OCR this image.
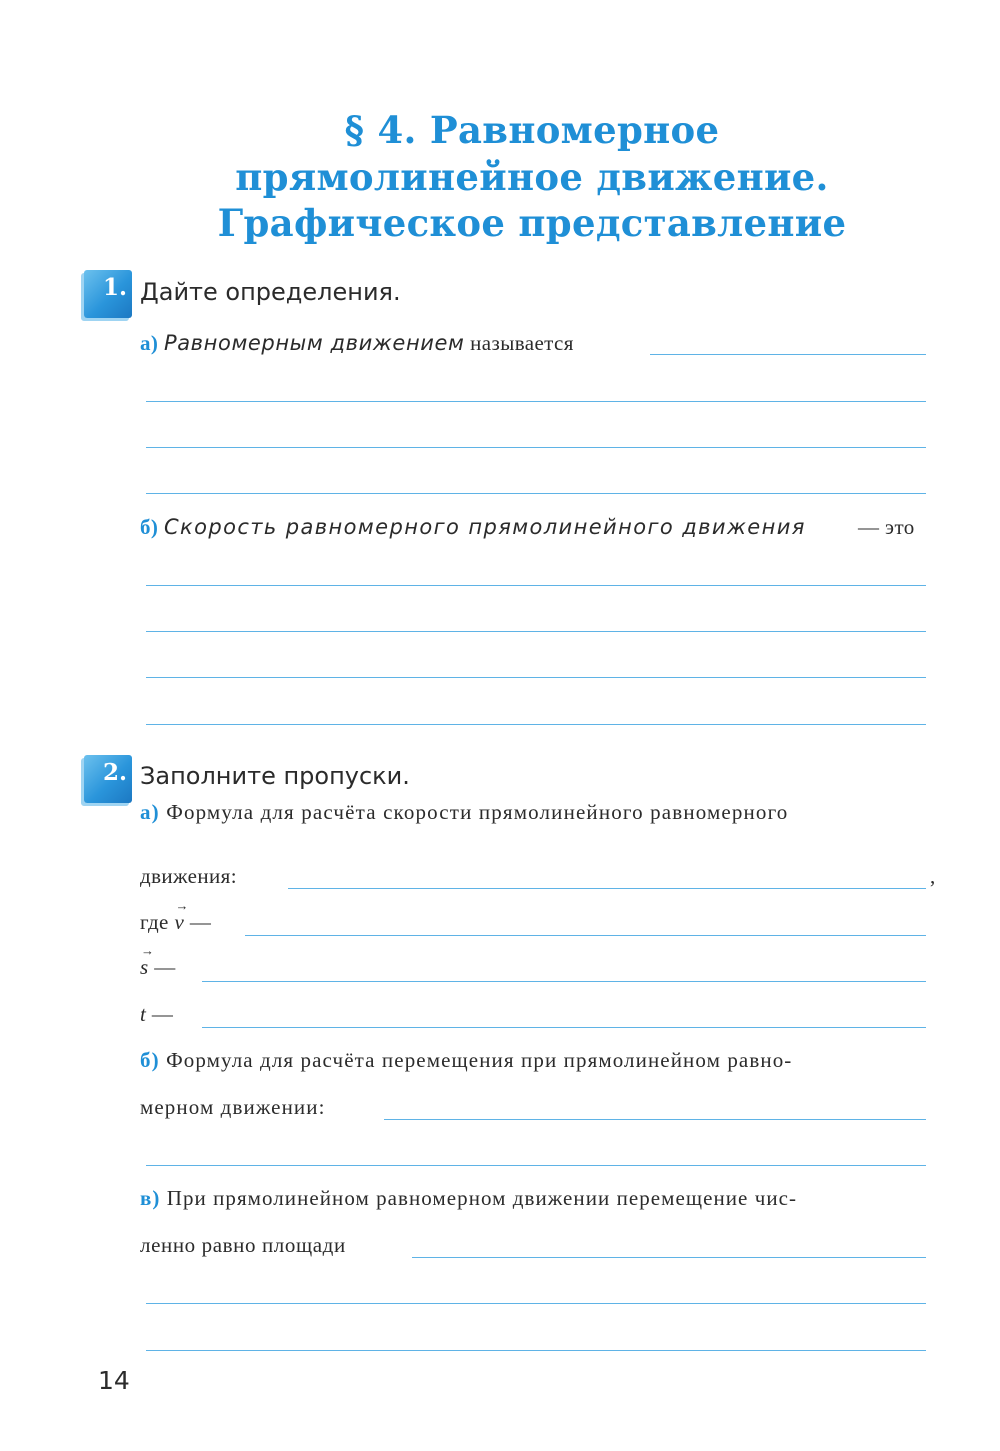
§ 4. Равномерное
прямолинейное движение.
Графическое представление
1. Дайте определения.
а) Равномерным движением называется
б) Скорость равномерного прямолинейного движения — это
2. Заполните пропуски.
а) Формула для расчёта скорости прямолинейного равномерного
движения:	,
где → v —
→ s —
t —
б) Формула для расчёта перемещения при прямолинейном равно-
мерном движении:
в) При прямолинейном равномерном движении перемещение чис-
ленно равно площади
14
